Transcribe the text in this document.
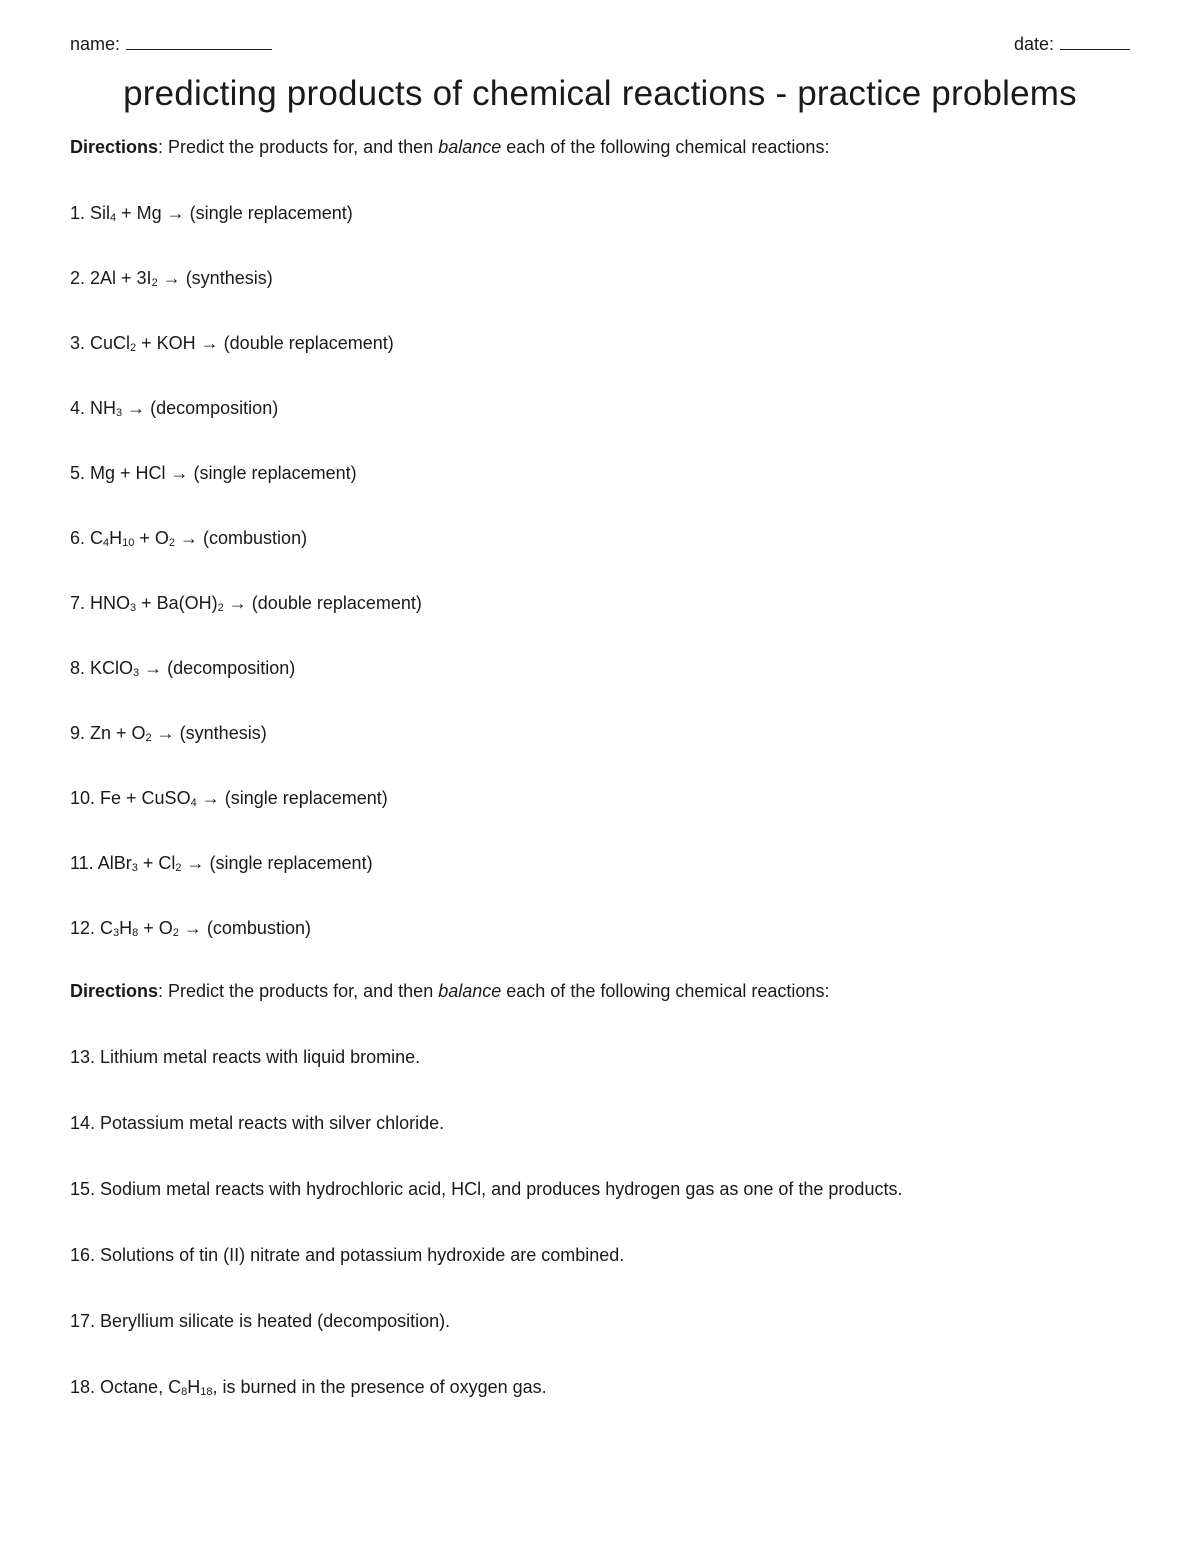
name:	date:
predicting products of chemical reactions - practice problems
Directions: Predict the products for, and then balance each of the following chemical reactions:
1. Sil$_4$ + Mg → (single replacement)
2. $2Al + 3I_2$ → (synthesis)
3. CuCl$_2$ + KOH → (double replacement)
4. $NH_3$ → (decomposition)
5. Mg + HCl → (single replacement)
6. $C_4H_{10} + O_2$ → (combustion)
7. $HNO_3 + Ba(OH)_2$ → (double replacement)
8. KClO$_3$ → (decomposition)
9. $Zn + O_2$ → (synthesis)
10. Fe + CuSO$_4$ → (single replacement)
11. AlBr$_3$ + $Cl_2$ → (single replacement)
12. $C_3H_8 + O_2$ → (combustion)
Directions: Predict the products for, and then balance each of the following chemical reactions:
13. Lithium metal reacts with liquid bromine.
14. Potassium metal reacts with silver chloride.
15. Sodium metal reacts with hydrochloric acid, HCl, and produces hydrogen gas as one of the products.
16. Solutions of tin (II) nitrate and potassium hydroxide are combined.
17. Beryllium silicate is heated (decomposition).
18. Octane, $C_8H_{18}$, is burned in the presence of oxygen gas.
